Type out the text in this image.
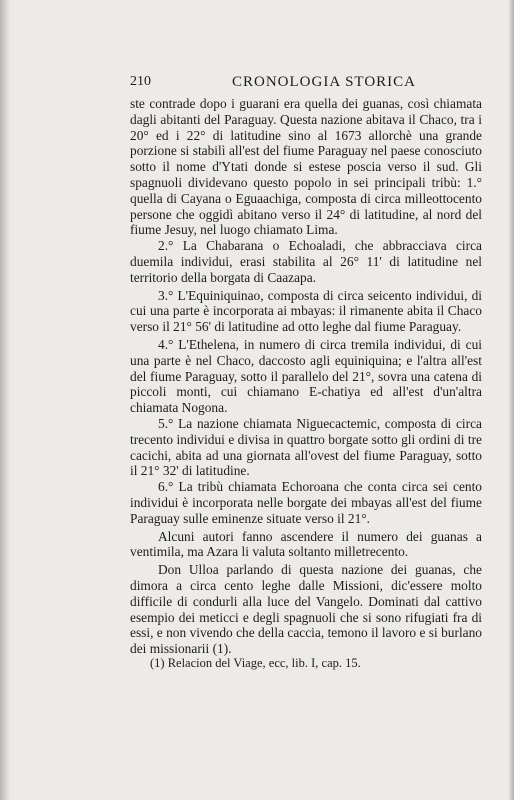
210	CRONOLOGIA STORICA

ste contrade dopo i guarani era quella dei guanas, così chiamata dagli abitanti del Paraguay. Questa nazione abitava il Chaco, tra i 20° ed i 22° di latitudine sino al 1673 allorchè una grande porzione si stabilì all'est del fiume Paraguay nel paese conosciuto sotto il nome d'Ytati donde si estese poscia verso il sud. Gli spagnuoli dividevano questo popolo in sei principali tribù: 1.° quella di Cayana o Eguaachiga, composta di circa milleottocento persone che oggidì abitano verso il 24° di latitudine, al nord del fiume Jesuy, nel luogo chiamato Lima.

2.° La Chabarana o Echoaladi, che abbracciava circa duemila individui, erasi stabilita al 26° 11' di latitudine nel territorio della borgata di Caazapa.

3.° L'Equiniquinao, composta di circa seicento individui, di cui una parte è incorporata ai mbayas: il rimanente abita il Chaco verso il 21° 56' di latitudine ad otto leghe dal fiume Paraguay.

4.° L'Ethelena, in numero di circa tremila individui, di cui una parte è nel Chaco, daccosto agli equiniquina; e l'altra all'est del fiume Paraguay, sotto il parallelo del 21°, sovra una catena di piccoli monti, cui chiamano E-chatiya ed all'est d'un'altra chiamata Nogona.

5.° La nazione chiamata Niguecactemic, composta di circa trecento individui e divisa in quattro borgate sotto gli ordini di tre cacichi, abita ad una giornata all'ovest del fiume Paraguay, sotto il 21° 32' di latitudine.

6.° La tribù chiamata Echoroana che conta circa sei cento individui è incorporata nelle borgate dei mbayas all'est del fiume Paraguay sulle eminenze situate verso il 21°.

Alcuni autori fanno ascendere il numero dei guanas a ventimila, ma Azara li valuta soltanto milletrecento.

Don Ulloa parlando di questa nazione dei guanas, che dimora a circa cento leghe dalle Missioni, dic'essere molto difficile di condurli alla luce del Vangelo. Dominati dal cattivo esempio dei meticci e degli spagnuoli che si sono rifugiati fra di essi, e non vivendo che della caccia, temono il lavoro e si burlano dei missionarii (1).

(1) Relacion del Viage, ecc, lib. I, cap. 15.
